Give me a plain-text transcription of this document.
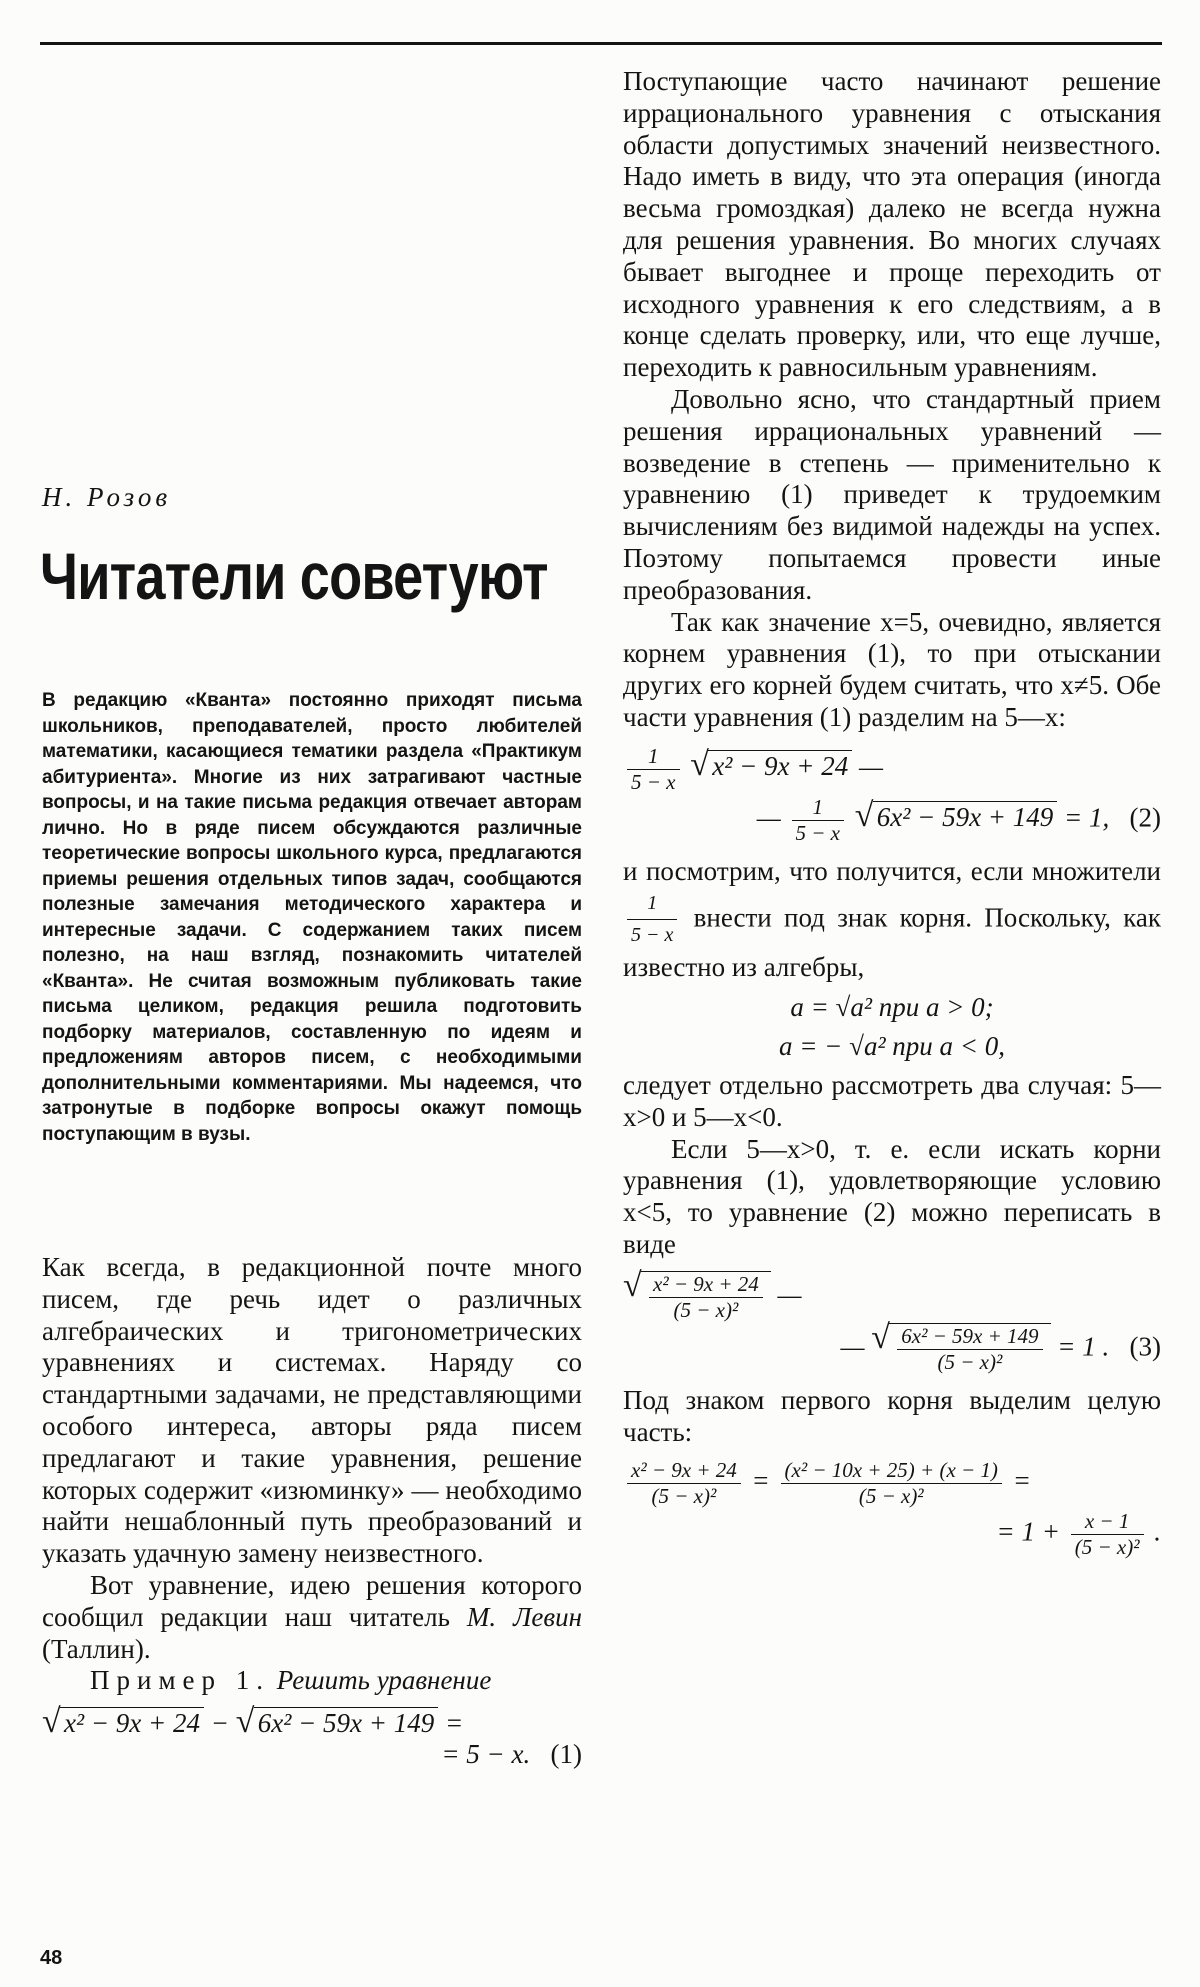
Н. Розов
Читатели советуют
В редакцию «Кванта» постоянно приходят письма школьников, преподавателей, просто любителей математики, касающиеся тематики раздела «Практикум абитуриента». Многие из них затрагивают частные вопросы, и на такие письма редакция отвечает авторам лично. Но в ряде писем обсуждаются различные теоретические вопросы школьного курса, предлагаются приемы решения отдельных типов задач, сообщаются полезные замечания методического характера и интересные задачи. С содержанием таких писем полезно, на наш взгляд, познакомить читателей «Кванта». Не считая возможным публиковать такие письма целиком, редакция решила подготовить подборку материалов, составленную по идеям и предложениям авторов писем, с необходимыми дополнительными комментариями. Мы надеемся, что затронутые в подборке вопросы окажут помощь поступающим в вузы.

Как всегда, в редакционной почте много писем, где речь идет о различных алгебраических и тригонометрических уравнениях и системах. Наряду со стандартными задачами, не представляющими особого интереса, авторы ряда писем предлагают и такие уравнения, решение которых содержит «изюминку» — необходимо найти нешаблонный путь преобразований и указать удачную замену неизвестного.

Вот уравнение, идею решения которого сообщил редакции наш читатель М. Левин (Таллин).

Пример 1. Решить уравнение

√ x² − 9x + 24 − √ 6x² − 59x + 149 =
= 5 − x. (1)

Поступающие часто начинают решение иррационального уравнения с отыскания области допустимых значений неизвестного. Надо иметь в виду, что эта операция (иногда весьма громоздкая) далеко не всегда нужна для решения уравнения. Во многих случаях бывает выгоднее и проще переходить от исходного уравнения к его следствиям, а в конце сделать проверку, или, что еще лучше, переходить к равносильным уравнениям.

Довольно ясно, что стандартный прием решения иррациональных уравнений — возведение в степень — применительно к уравнению (1) приведет к трудоемким вычислениям без видимой надежды на успех. Поэтому попытаемся провести иные преобразования.

Так как значение x=5, очевидно, является корнем уравнения (1), то при отыскании других его корней будем считать, что x≠5. Обе части уравнения (1) разделим на 5—x:

$\frac{1}{5 - x}$ √ x² − 9x + 24 —
— $\frac{1}{5 - x}$ √ 6x² − 59x + 149 = 1, (2)

и посмотрим, что получится, если множители
$\frac{1}{5 - x}$ внести под знак корня. Поскольку, как известно из алгебры,

a = √a² при a > 0;
a = − √a² при a < 0,

следует отдельно рассмотреть два случая: 5—x>0 и 5—x<0.

Если 5—x>0, т. е. если искать корни уравнения (1), удовлетворяющие условию x<5, то уравнение (2) можно переписать в виде

√ $\frac{\text{x² − 9x + 24}}{\text{(5 − x)²}}$ —
— √ $\frac{\text{6x² − 59x + 149}}{\text{(5 − x)²}} = 1$ . (3)

Под знаком первого корня выделим целую часть:

$\frac{\text{x² − 9x + 24}}{\text{(5 − x)²}} = \frac{\text{(x² − 10x + 25) + (x − 1)}}{\text{(5 − x)²}}$ =
= $1 + \frac{x - 1}{\text{(5 − x)²}}$ .
48
